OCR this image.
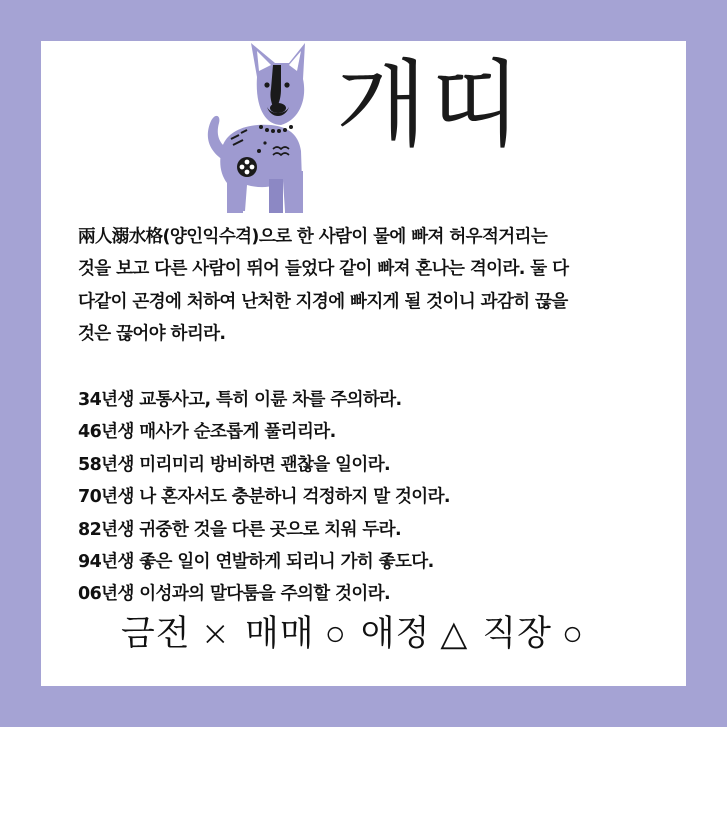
개띠
兩人溺水格(양인익수격)으로 한 사람이 물에 빠져 허우적거리는
것을 보고 다른 사람이 뛰어 들었다 같이 빠져 혼나는 격이라. 둘 다
다같이 곤경에 처하여 난처한 지경에 빠지게 될 것이니 과감히 끊을
것은 끊어야 하리라.
34년생 교통사고, 특히 이륜 차를 주의하라.
46년생 매사가 순조롭게 풀리리라.
58년생 미리미리 방비하면 괜찮을 일이라.
70년생 나 혼자서도 충분하니 걱정하지 말 것이라.
82년생 귀중한 것을 다른 곳으로 치워 두라.
94년생 좋은 일이 연발하게 되리니 가히 좋도다.
06년생 이성과의 말다툼을 주의할 것이라.
금전 × 매매 ○ 애정 △ 직장 ○
